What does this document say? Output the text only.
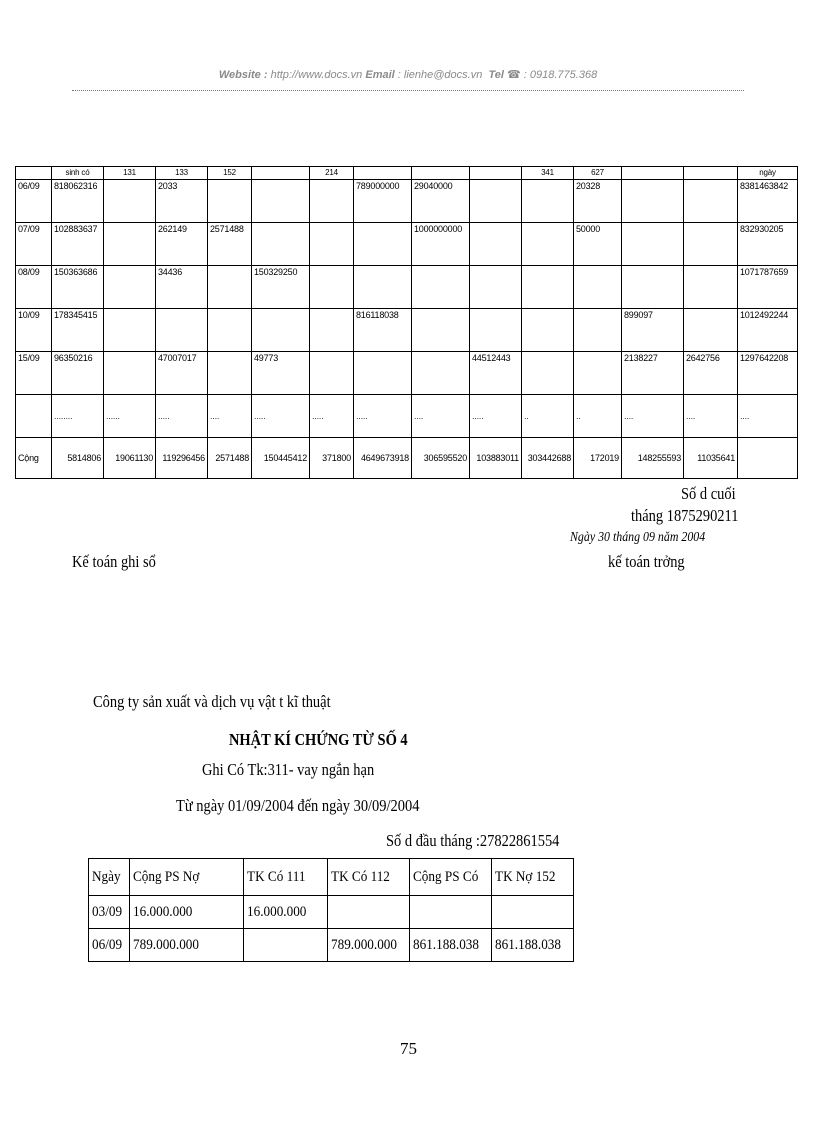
Website : http://www.docs.vn Email : lienhe@docs.vn Tel ☎ : 0918.775.368
	sinh có	131	133	152		214				341	627			ngày
06/09	818062316		2033				789000000	29040000			20328			8381463842
07/09	102883637		262149	2571488				1000000000			50000			832930205
08/09	150363686		34436		150329250									1071787659
10/09	178345415						816118038					899097		1012492244
15/09	96350216		47007017		49773				44512443			2138227	2642756	1297642208
	........	......	.....	....	.....	.....	.....	....	.....	..	..	....	....	....
Cộng	5814806	19061130	119296456	2571488	150445412	371800	4649673918	306595520	103883011	303442688	172019	148255593	11035641	
Số d cuối
tháng 1875290211
Ngày 30 tháng 09 năm 2004
Kế toán ghi sổ	kế toán trởng
Công ty sản xuất và dịch vụ vật t kĩ thuật
NHẬT KÍ CHỨNG TỪ SỐ 4
Ghi Có Tk:311- vay ngắn hạn
Từ ngày 01/09/2004 đến ngày 30/09/2004
Số d đầu tháng :27822861554
Ngày	Cộng PS Nợ	TK Có 111	TK Có 112	Cộng PS Có	TK Nợ 152
03/09	16.000.000	16.000.000			
06/09	789.000.000		789.000.000	861.188.038	861.188.038
75
